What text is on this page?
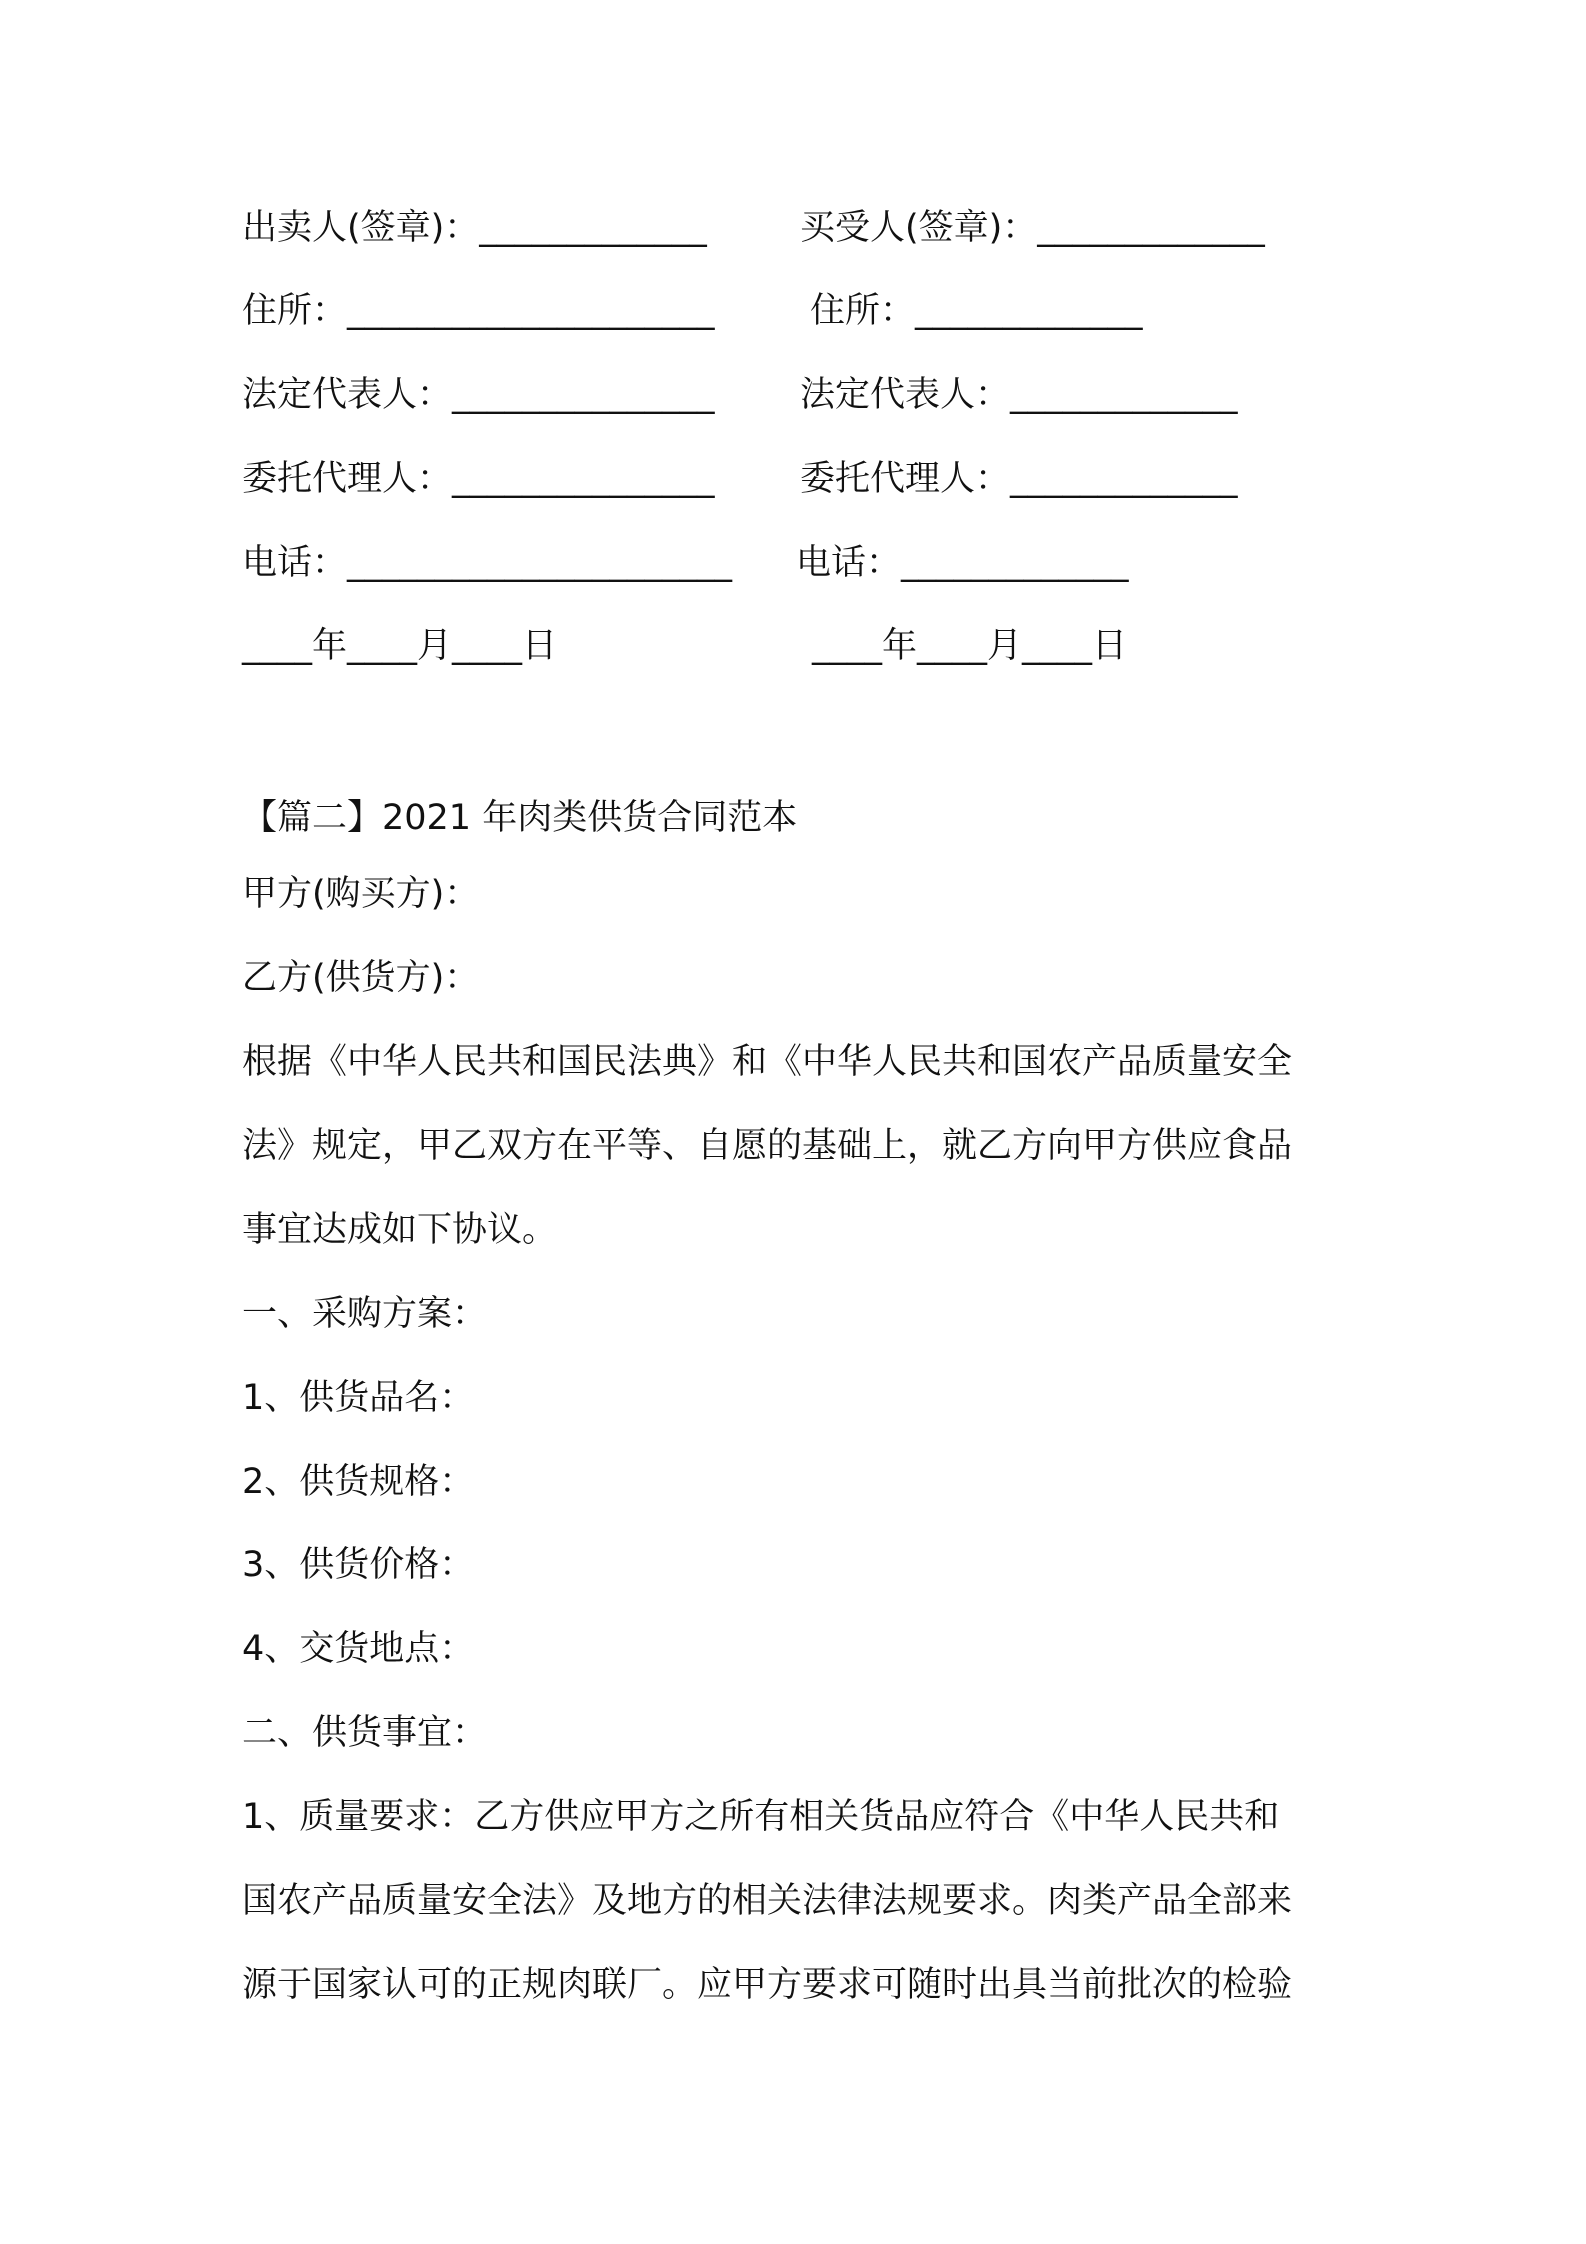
出卖人(签章)：_____________	买受人(签章)：_____________
住所：_____________________	住所：_____________
法定代表人：_______________ 法定代表人：_____________
委托代理人：_______________ 委托代理人：_____________
电话：______________________ 电话：_____________
____年____月____日	____年____月____日
【篇二】2021 年肉类供货合同范本
甲方(购买方)：
乙方(供货方)：
根据《中华人民共和国民法典》和《中华人民共和国农产品质量安全
法》规定，甲乙双方在平等、自愿的基础上，就乙方向甲方供应食品
事宜达成如下协议。
一、采购方案：
1、供货品名：
2、供货规格：
3、供货价格：
4、交货地点：
二、供货事宜：
1、质量要求：乙方供应甲方之所有相关货品应符合《中华人民共和
国农产品质量安全法》及地方的相关法律法规要求。肉类产品全部来
源于国家认可的正规肉联厂。应甲方要求可随时出具当前批次的检验
